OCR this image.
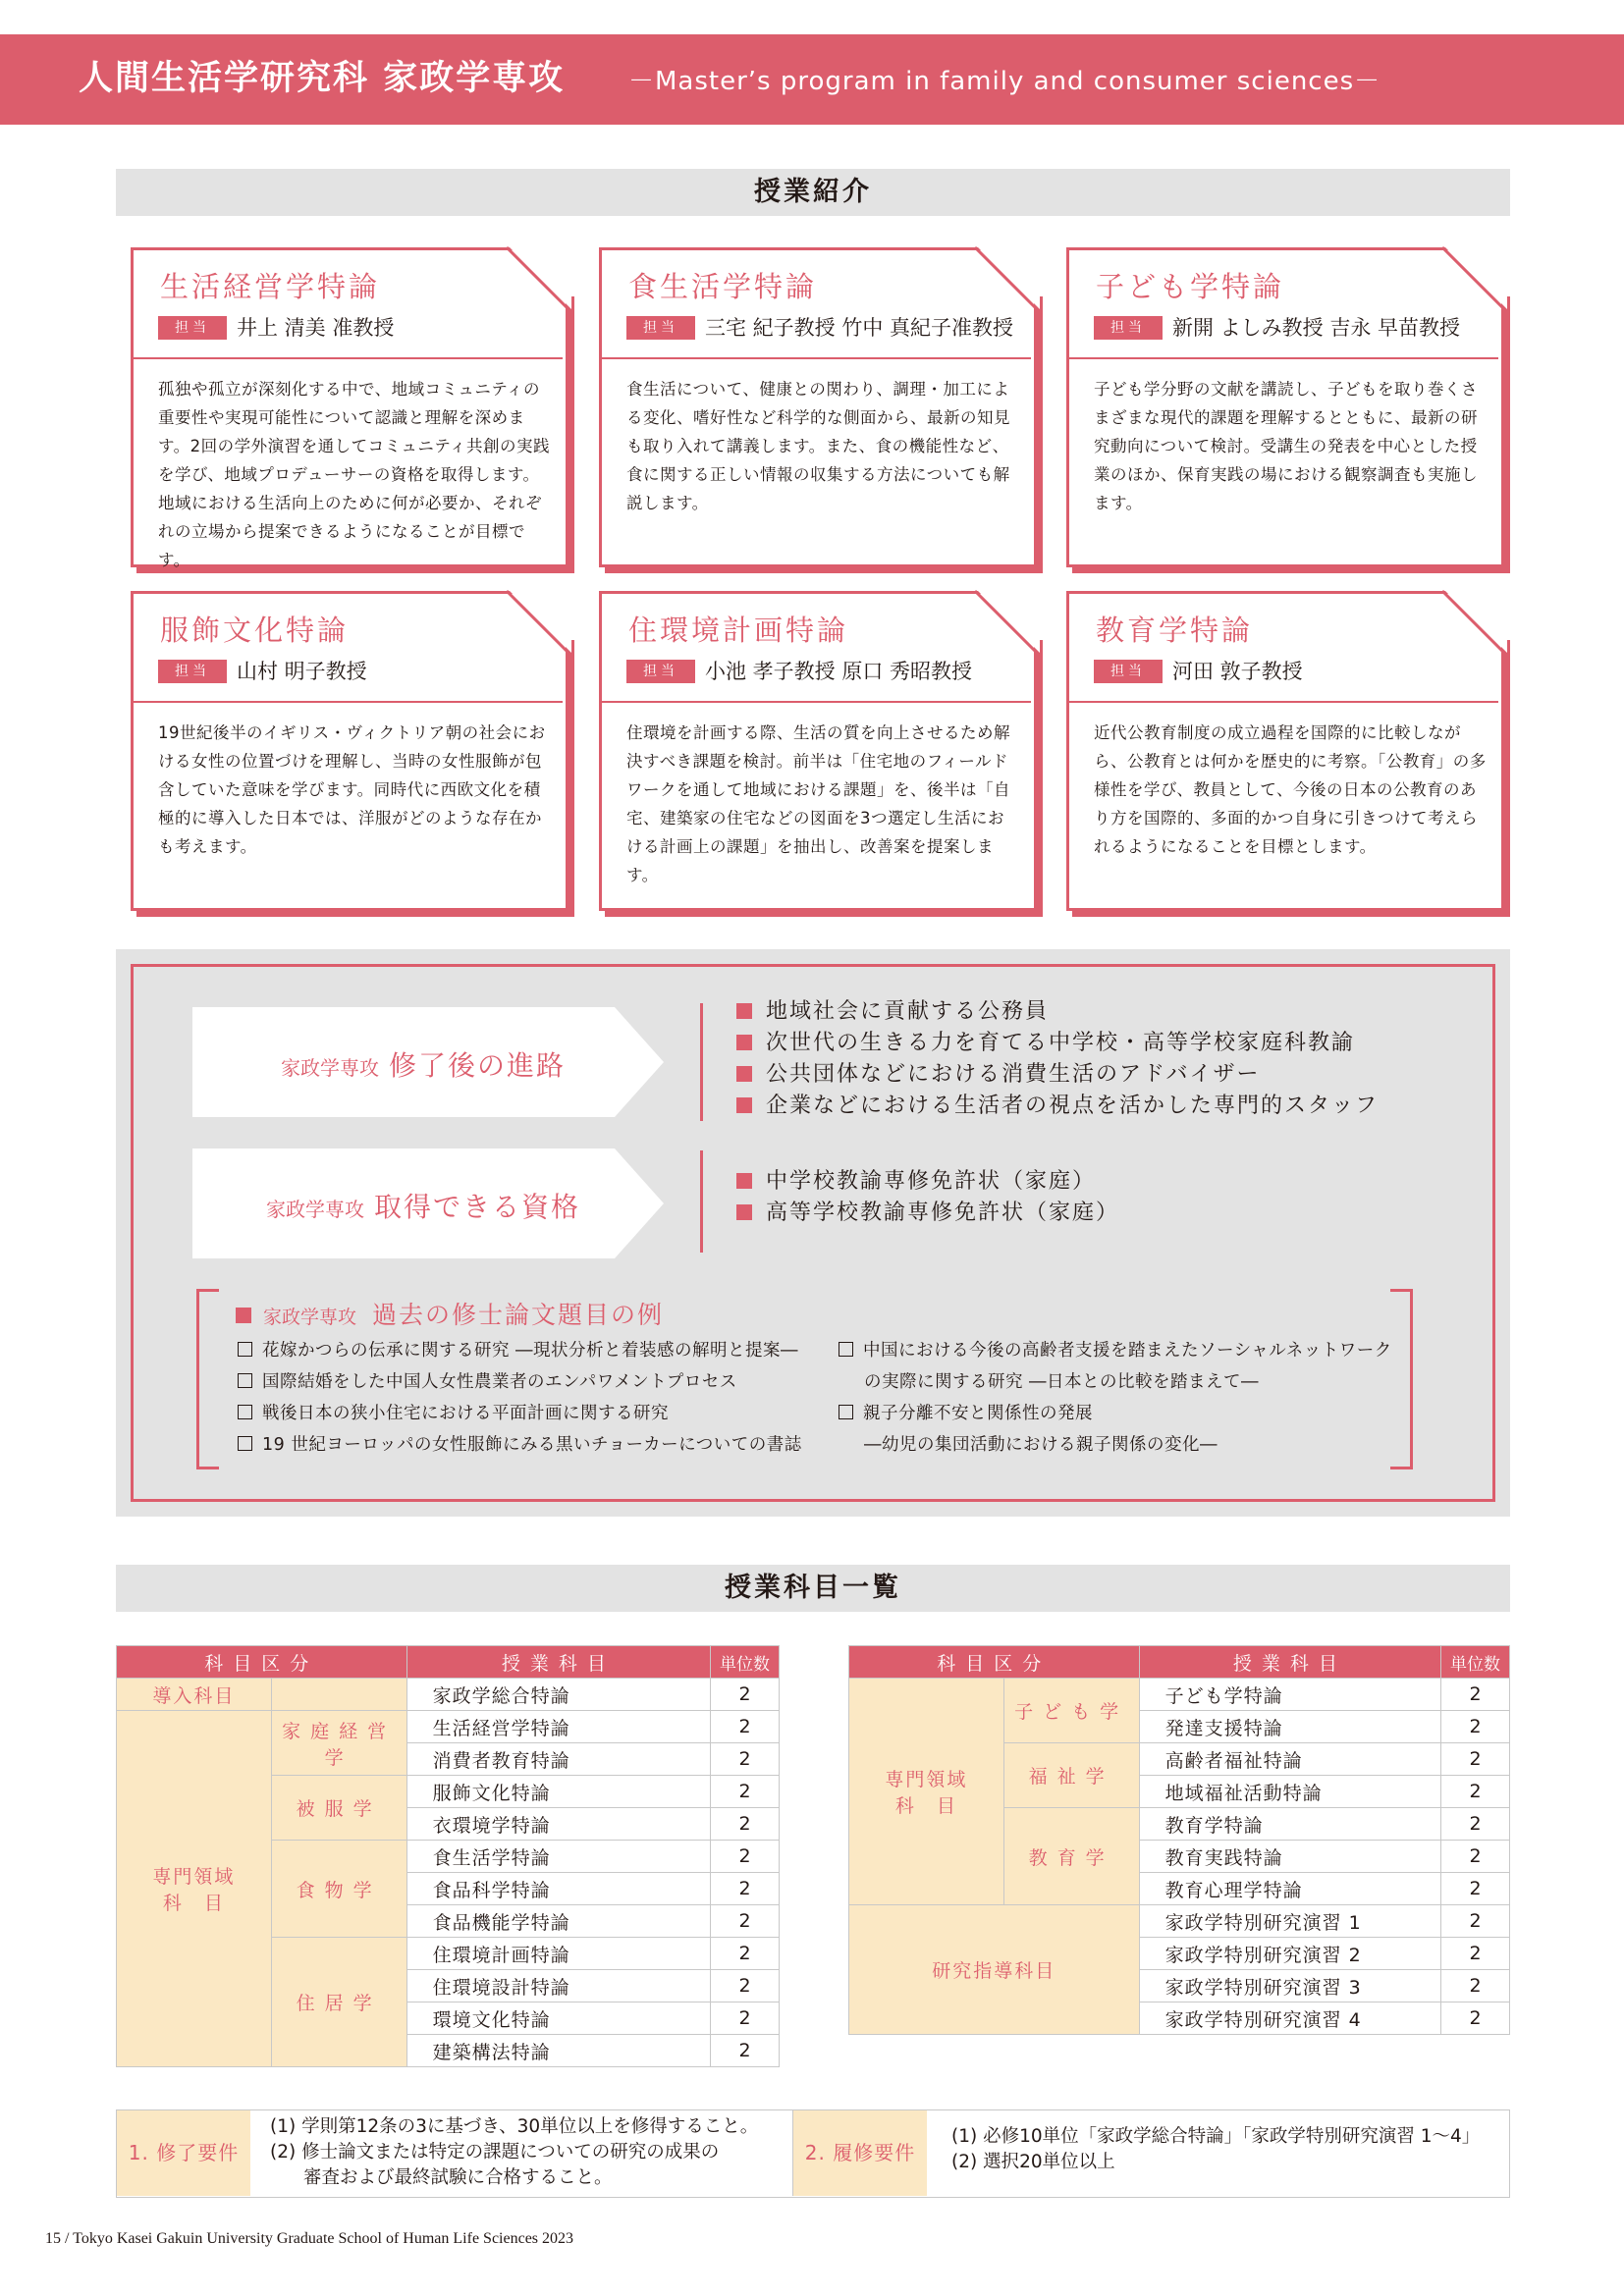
人間生活学研究科 家政学専攻 －Master’s program in family and consumer sciences－
授業紹介
生活経営学特論
担当	井上 清美 准教授
孤独や孤立が深刻化する中で、地域コミュニティの重要性や実現可能性について認識と理解を深めます。2回の学外演習を通してコミュニティ共創の実践を学び、地域プロデューサーの資格を取得します。地域における生活向上のために何が必要か、それぞれの立場から提案できるようになることが目標です。
食生活学特論
担当	三宅 紀子教授 竹中 真紀子准教授
食生活について、健康との関わり、調理・加工による変化、嗜好性など科学的な側面から、最新の知見も取り入れて講義します。また、食の機能性など、食に関する正しい情報の収集する方法についても解説します。
子ども学特論
担当	新開 よしみ教授 吉永 早苗教授
子ども学分野の文献を講読し、子どもを取り巻くさまざまな現代的課題を理解するとともに、最新の研究動向について検討。受講生の発表を中心とした授業のほか、保育実践の場における観察調査も実施します。
服飾文化特論
担当	山村 明子教授
19世紀後半のイギリス・ヴィクトリア朝の社会における女性の位置づけを理解し、当時の女性服飾が包含していた意味を学びます。同時代に西欧文化を積極的に導入した日本では、洋服がどのような存在かも考えます。
住環境計画特論
担当	小池 孝子教授 原口 秀昭教授
住環境を計画する際、生活の質を向上させるため解決すべき課題を検討。前半は「住宅地のフィールドワークを通して地域における課題」を、後半は「自宅、建築家の住宅などの図面を3つ選定し生活における計画上の課題」を抽出し、改善案を提案します。
教育学特論
担当	河田 敦子教授
近代公教育制度の成立過程を国際的に比較しながら、公教育とは何かを歴史的に考察。「公教育」の多様性を学び、教員として、今後の日本の公教育のあり方を国際的、多面的かつ自身に引きつけて考えられるようになることを目標とします。
家政学専攻 修了後の進路
地域社会に貢献する公務員
次世代の生きる力を育てる中学校・高等学校家庭科教諭
公共団体などにおける消費生活のアドバイザー
企業などにおける生活者の視点を活かした専門的スタッフ
家政学専攻 取得できる資格
中学校教諭専修免許状（家庭）
高等学校教諭専修免許状（家庭）
家政学専攻 過去の修士論文題目の例
花嫁かつらの伝承に関する研究 ―現状分析と着装感の解明と提案―
国際結婚をした中国人女性農業者のエンパワメントプロセス
戦後日本の狭小住宅における平面計画に関する研究
19 世紀ヨーロッパの女性服飾にみる黒いチョーカーについての書誌
中国における今後の高齢者支援を踏まえたソーシャルネットワーク
の実際に関する研究 ―日本との比較を踏まえて―
親子分離不安と関係性の発展
―幼児の集団活動における親子関係の変化―
授業科目一覧
科目区分		授業科目	単位数
導入科目		家政学総合特論	2
専門領域
科　目	家庭経営学	生活経営学特論	2
		消費者教育特論	2
	被服学	服飾文化特論	2
		衣環境学特論	2
	食物学	食生活学特論	2
		食品科学特論	2
		食品機能学特論	2
	住居学	住環境計画特論	2
		住環境設計特論	2
		環境文化特論	2
		建築構法特論	2
科目区分		授業科目	単位数
専門領域
科　目	子ども学	子ども学特論	2
		発達支援特論	2
	福祉学	高齢者福祉特論	2
		地域福祉活動特論	2
	教育学	教育学特論	2
		教育実践特論	2
		教育心理学特論	2
研究指導科目		家政学特別研究演習 1	2
		家政学特別研究演習 2	2
		家政学特別研究演習 3	2
		家政学特別研究演習 4	2
1. 修了要件
(1) 学則第12条の3に基づき、30単位以上を修得すること。
(2) 修士論文または特定の課題についての研究の成果の
審査および最終試験に合格すること。
2. 履修要件
(1) 必修10単位「家政学総合特論」「家政学特別研究演習 1～4」
(2) 選択20単位以上
15 / Tokyo Kasei Gakuin University Graduate School of Human Life Sciences 2023
